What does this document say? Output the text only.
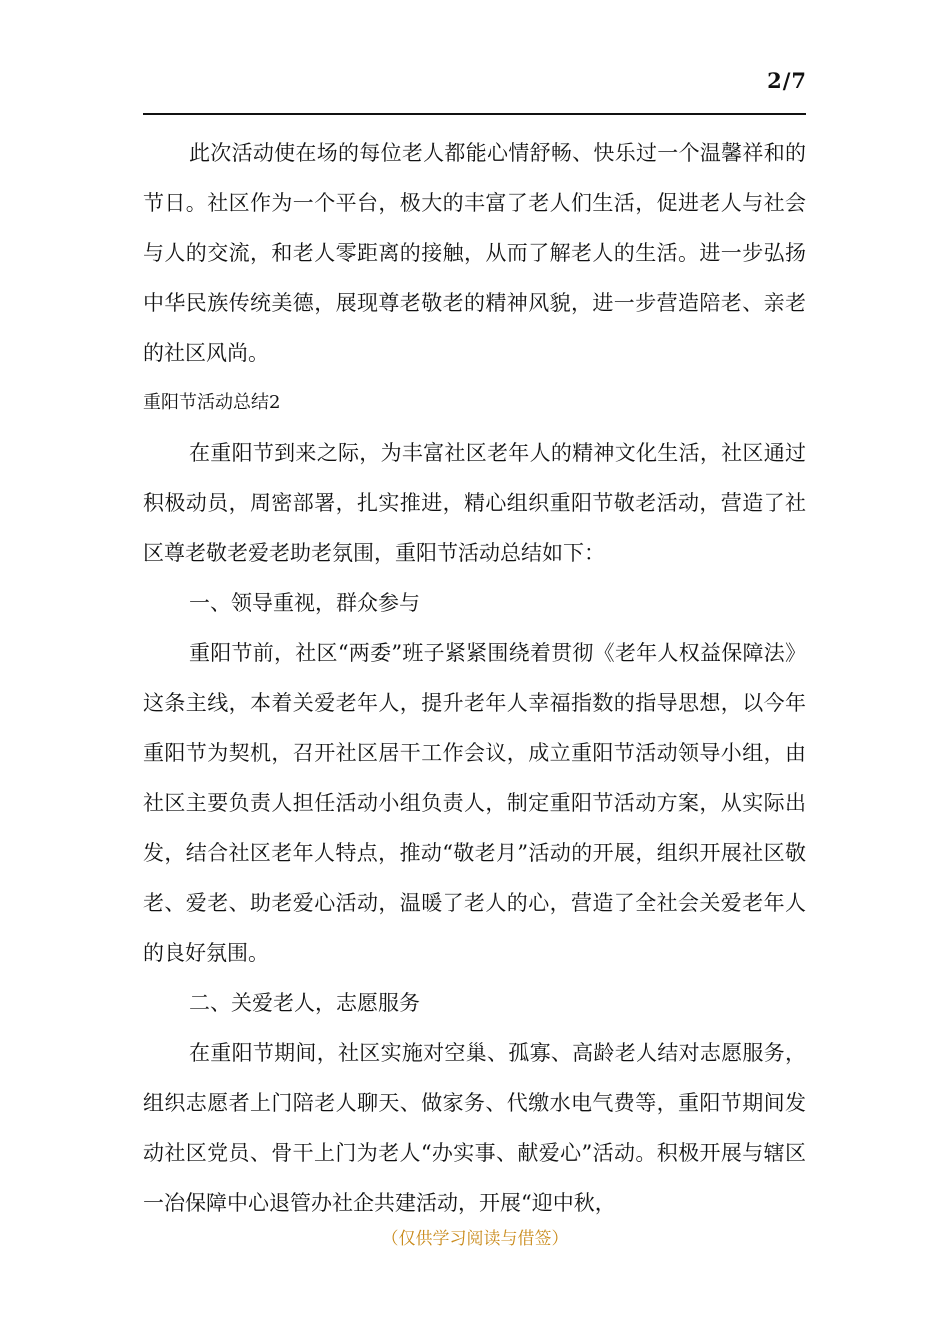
2/7

此次活动使在场的每位老人都能心情舒畅、快乐过一个温馨祥和的节日。社区作为一个平台，极大的丰富了老人们生活，促进老人与社会与人的交流，和老人零距离的接触，从而了解老人的生活。进一步弘扬中华民族传统美德，展现尊老敬老的精神风貌，进一步营造陪老、亲老的社区风尚。

重阳节活动总结2

在重阳节到来之际，为丰富社区老年人的精神文化生活，社区通过积极动员，周密部署，扎实推进，精心组织重阳节敬老活动，营造了社区尊老敬老爱老助老氛围，重阳节活动总结如下：

一、领导重视，群众参与

重阳节前，社区“两委”班子紧紧围绕着贯彻《老年人权益保障法》这条主线，本着关爱老年人，提升老年人幸福指数的指导思想，以今年重阳节为契机，召开社区居干工作会议，成立重阳节活动领导小组，由社区主要负责人担任活动小组负责人，制定重阳节活动方案，从实际出发，结合社区老年人特点，推动“敬老月”活动的开展，组织开展社区敬老、爱老、助老爱心活动，温暖了老人的心，营造了全社会关爱老年人的良好氛围。

二、关爱老人，志愿服务

在重阳节期间，社区实施对空巢、孤寡、高龄老人结对志愿服务，组织志愿者上门陪老人聊天、做家务、代缴水电气费等，重阳节期间发动社区党员、骨干上门为老人“办实事、献爱心”活动。积极开展与辖区一冶保障中心退管办社企共建活动，开展“迎中秋，

（仅供学习阅读与借签）
